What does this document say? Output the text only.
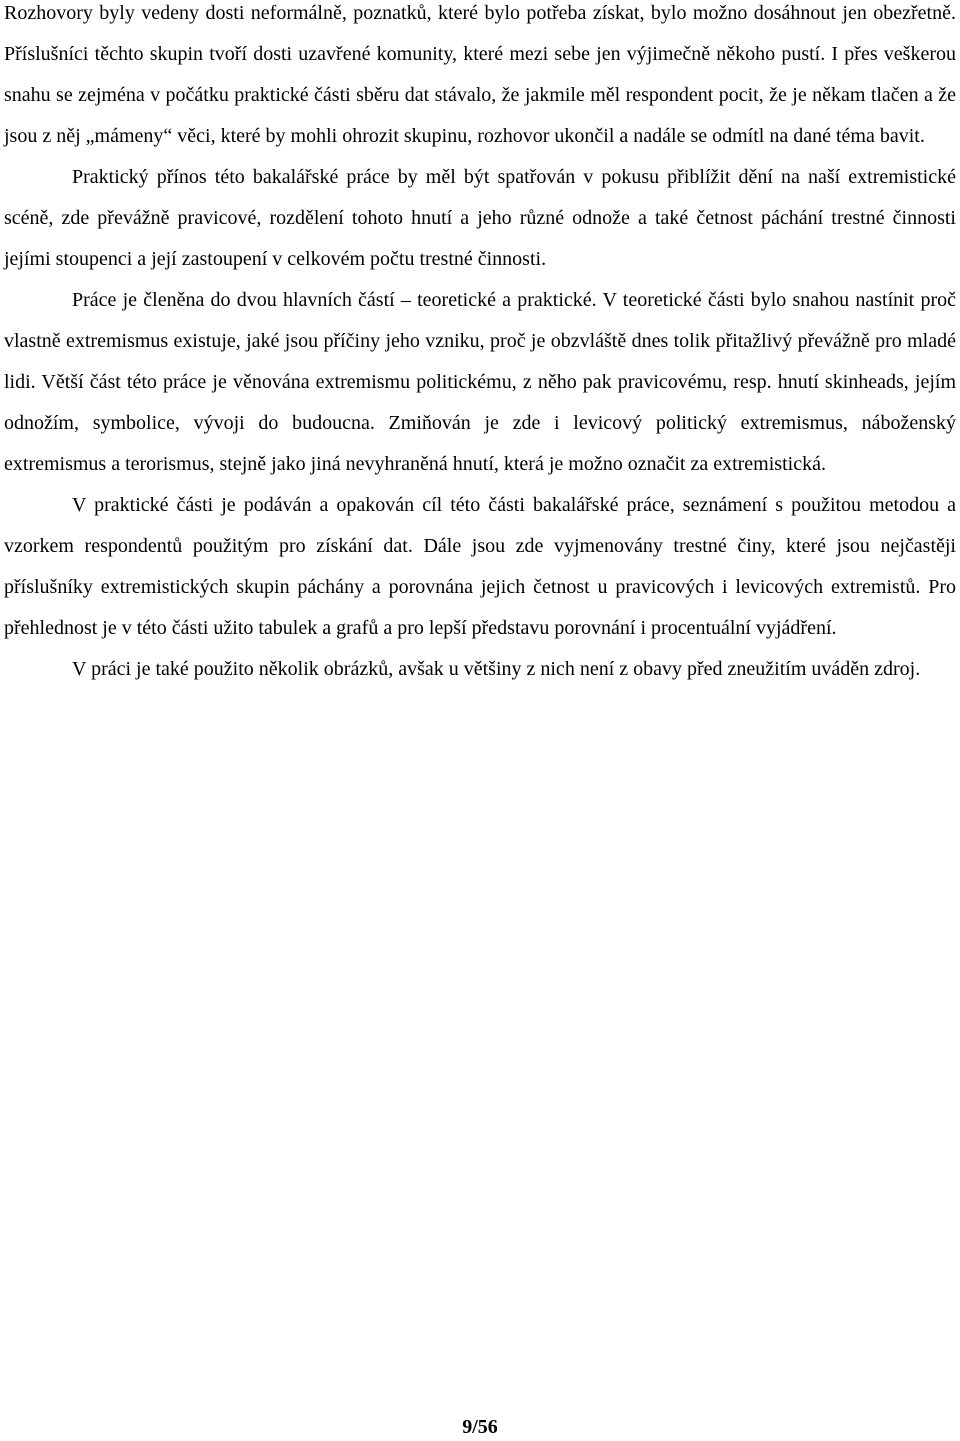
Rozhovory byly vedeny dosti neformálně, poznatků, které bylo potřeba získat, bylo možno dosáhnout jen obezřetně. Příslušníci těchto skupin tvoří dosti uzavřené komunity, které mezi sebe jen výjimečně někoho pustí. I přes veškerou snahu se zejména v počátku praktické části sběru dat stávalo, že jakmile měl respondent pocit, že je někam tlačen a že jsou z něj „mámeny“ věci, které by mohli ohrozit skupinu, rozhovor ukončil a nadále se odmítl na dané téma bavit.

Praktický přínos této bakalářské práce by měl být spatřován v pokusu přiblížit dění na naší extremistické scéně, zde převážně pravicové, rozdělení tohoto hnutí a jeho různé odnože a také četnost páchání trestné činnosti jejími stoupenci a její zastoupení v celkovém počtu trestné činnosti.

Práce je členěna do dvou hlavních částí – teoretické a praktické. V teoretické části bylo snahou nastínit proč vlastně extremismus existuje, jaké jsou příčiny jeho vzniku, proč je obzvláště dnes tolik přitažlivý převážně pro mladé lidi. Větší část této práce je věnována extremismu politickému, z něho pak pravicovému, resp. hnutí skinheads, jejím odnožím, symbolice, vývoji do budoucna. Zmiňován je zde i levicový politický extremismus, náboženský extremismus a terorismus, stejně jako jiná nevyhraněná hnutí, která je možno označit za extremistická.

V praktické části je podáván a opakován cíl této části bakalářské práce, seznámení s použitou metodou a vzorkem respondentů použitým pro získání dat. Dále jsou zde vyjmenovány trestné činy, které jsou nejčastěji příslušníky extremistických skupin páchány a porovnána jejich četnost u pravicových i levicových extremistů. Pro přehlednost je v této části užito tabulek a grafů a pro lepší představu porovnání i procentuální vyjádření.

V práci je také použito několik obrázků, avšak u většiny z nich není z obavy před zneužitím uváděn zdroj.

9/56
